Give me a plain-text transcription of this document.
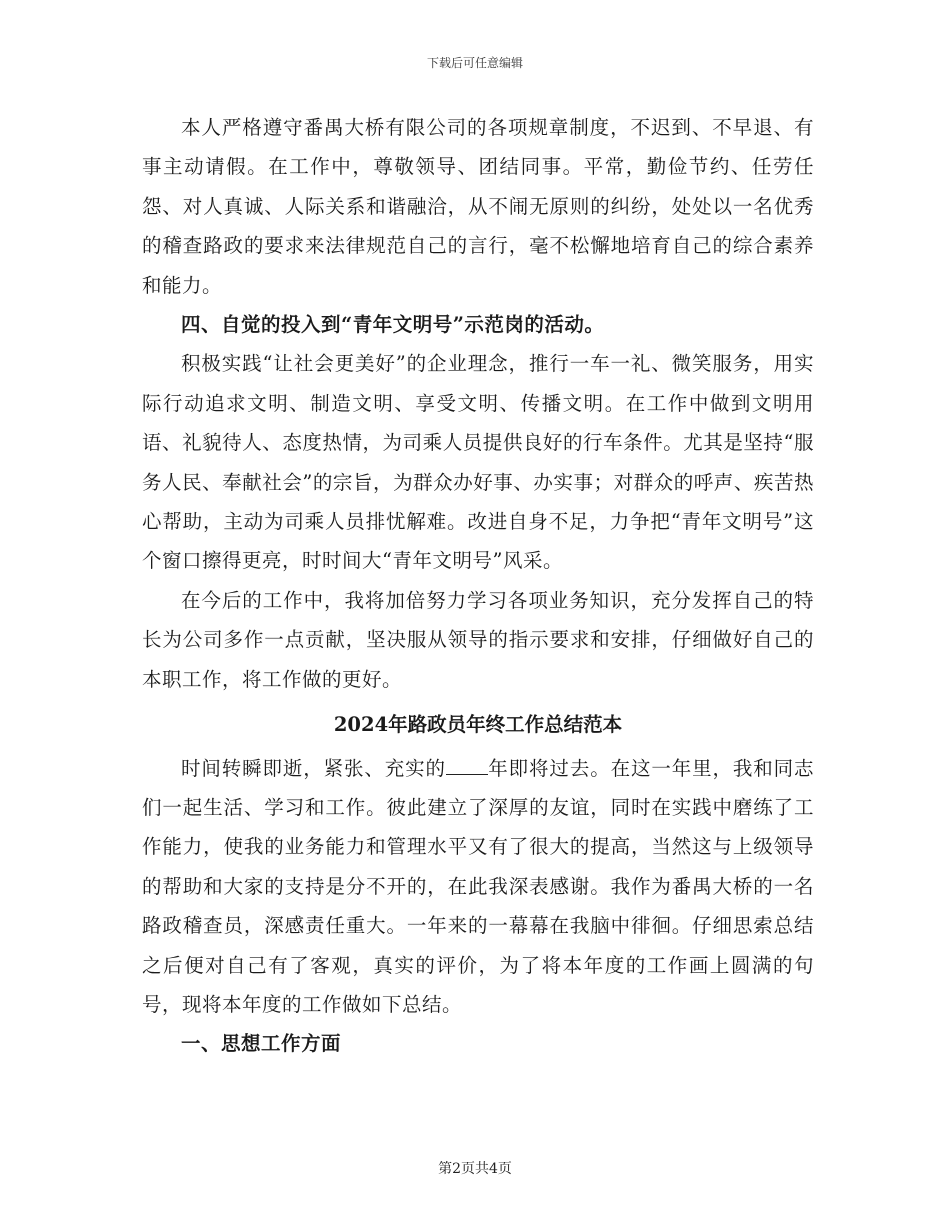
下载后可任意编辑

本人严格遵守番禺大桥有限公司的各项规章制度，不迟到、不早退、有事主动请假。在工作中，尊敬领导、团结同事。平常，勤俭节约、任劳任怨、对人真诚、人际关系和谐融洽，从不闹无原则的纠纷，处处以一名优秀的稽查路政的要求来法律规范自己的言行，毫不松懈地培育自己的综合素养和能力。

四、自觉的投入到“青年文明号”示范岗的活动。

积极实践“让社会更美好”的企业理念，推行一车一礼、微笑服务，用实际行动追求文明、制造文明、享受文明、传播文明。在工作中做到文明用语、礼貌待人、态度热情，为司乘人员提供良好的行车条件。尤其是坚持“服务人民、奉献社会”的宗旨，为群众办好事、办实事；对群众的呼声、疾苦热心帮助，主动为司乘人员排忧解难。改进自身不足，力争把“青年文明号”这个窗口擦得更亮，时时间大“青年文明号”风采。

在今后的工作中，我将加倍努力学习各项业务知识，充分发挥自己的特长为公司多作一点贡献，坚决服从领导的指示要求和安排，仔细做好自己的本职工作，将工作做的更好。

2024年路政员年终工作总结范本

时间转瞬即逝，紧张、充实的 年即将过去。在这一年里，我和同志们一起生活、学习和工作。彼此建立了深厚的友谊，同时在实践中磨练了工作能力，使我的业务能力和管理水平又有了很大的提高，当然这与上级领导的帮助和大家的支持是分不开的，在此我深表感谢。我作为番禺大桥的一名路政稽查员，深感责任重大。一年来的一幕幕在我脑中徘徊。仔细思索总结之后便对自己有了客观，真实的评价，为了将本年度的工作画上圆满的句号，现将本年度的工作做如下总结。

一、思想工作方面

第2页共4页
